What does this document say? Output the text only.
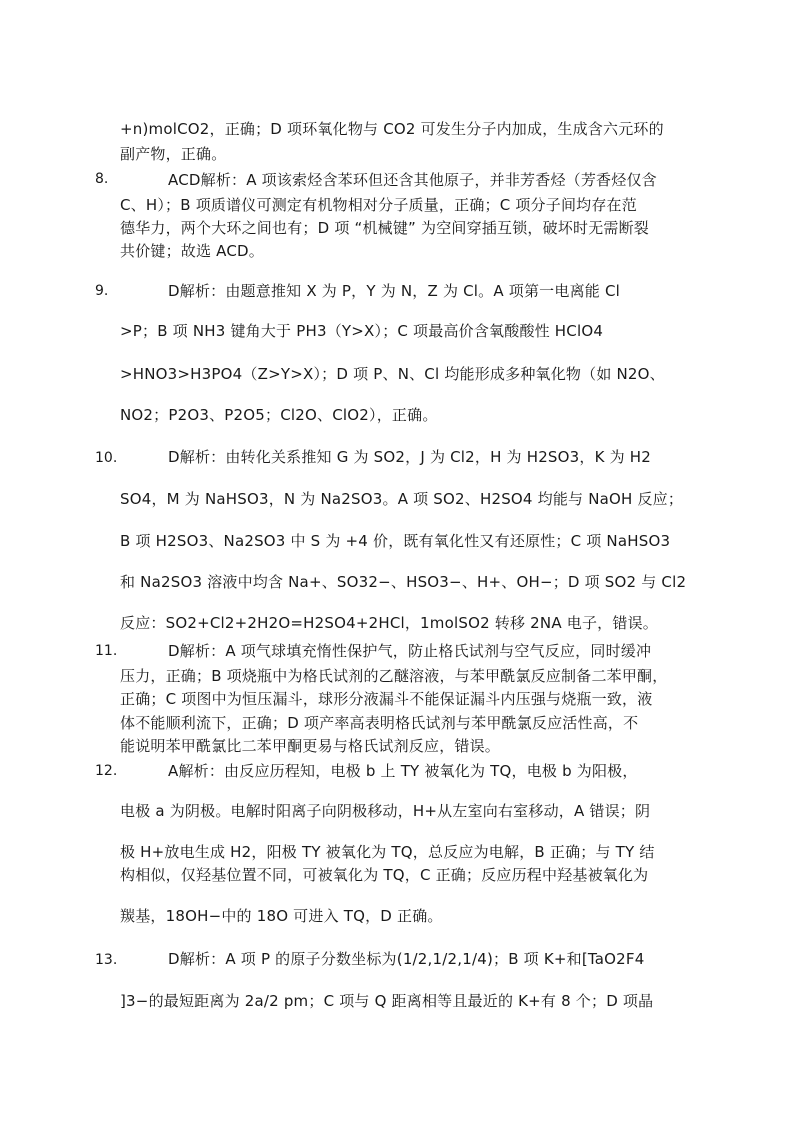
+n)molCO2，正确；D 项环氧化物与 CO2 可发生分子内加成，生成含六元环的
副产物，正确。
8.	ACD解析：A 项该索烃含苯环但还含其他原子，并非芳香烃（芳香烃仅含
C、H）；B 项质谱仪可测定有机物相对分子质量，正确；C 项分子间均存在范
德华力，两个大环之间也有；D 项 “机械键” 为空间穿插互锁，破坏时无需断裂
共价键；故选 ACD。
9.	D解析：由题意推知 X 为 P，Y 为 N，Z 为 Cl。A 项第一电离能 Cl
>P；B 项 NH3 键角大于 PH3（Y>X）；C 项最高价含氧酸酸性 HClO4
>HNO3>H3PO4（Z>Y>X）；D 项 P、N、Cl 均能形成多种氧化物（如 N2O、
NO2；P2O3、P2O5；Cl2O、ClO2），正确。
10.	D解析：由转化关系推知 G 为 SO2，J 为 Cl2，H 为 H2SO3，K 为 H2
SO4，M 为 NaHSO3，N 为 Na2SO3。A 项 SO2、H2SO4 均能与 NaOH 反应；
B 项 H2SO3、Na2SO3 中 S 为 +4 价，既有氧化性又有还原性；C 项 NaHSO3
和 Na2SO3 溶液中均含 Na+、SO32−、HSO3−、H+、OH−；D 项 SO2 与 Cl2
反应：SO2+Cl2+2H2O=H2SO4+2HCl，1molSO2 转移 2NA 电子，错误。
11.	D解析：A 项气球填充惰性保护气，防止格氏试剂与空气反应，同时缓冲
压力，正确；B 项烧瓶中为格氏试剂的乙醚溶液，与苯甲酰氯反应制备二苯甲酮，
正确；C 项图中为恒压漏斗，球形分液漏斗不能保证漏斗内压强与烧瓶一致，液
体不能顺利流下，正确；D 项产率高表明格氏试剂与苯甲酰氯反应活性高，不
能说明苯甲酰氯比二苯甲酮更易与格氏试剂反应，错误。
12.	A解析：由反应历程知，电极 b 上 TY 被氧化为 TQ，电极 b 为阳极，
电极 a 为阴极。电解时阳离子向阴极移动，H+从左室向右室移动，A 错误；阴
极 H+放电生成 H2，阳极 TY 被氧化为 TQ，总反应为电解，B 正确；与 TY 结
构相似，仅羟基位置不同，可被氧化为 TQ，C 正确；反应历程中羟基被氧化为
羰基，18OH−中的 18O 可进入 TQ，D 正确。
13.	D解析：A 项 P 的原子分数坐标为(1/2,1/2,1/4)；B 项 K+和[TaO2F4
]3−的最短距离为 2a/2 pm；C 项与 Q 距离相等且最近的 K+有 8 个；D 项晶
